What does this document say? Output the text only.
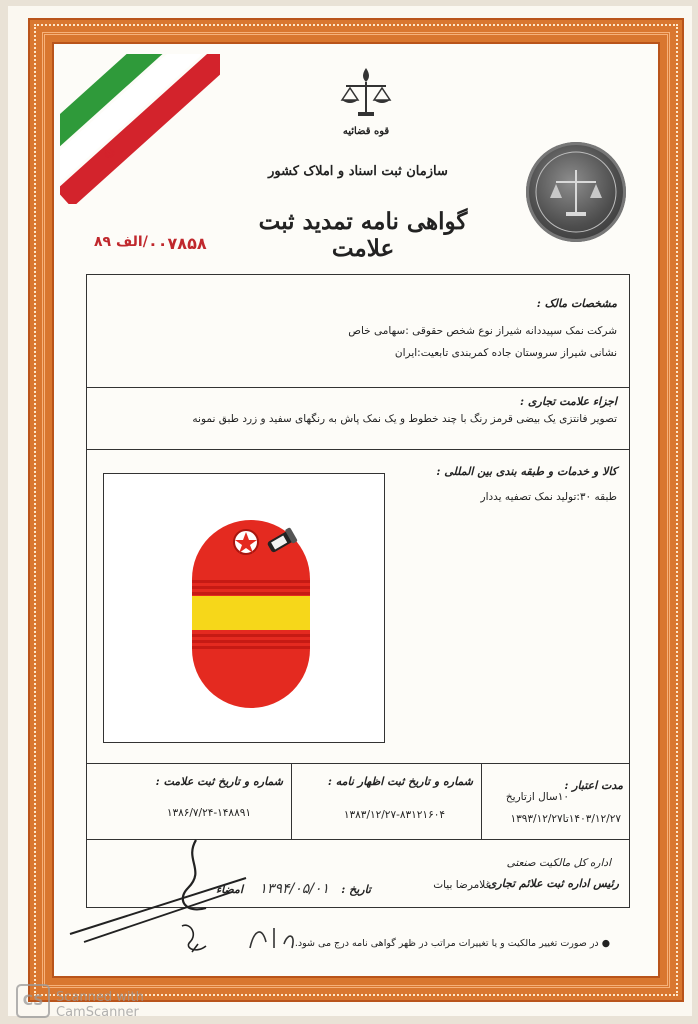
☫
قوه قضائیه
سازمان ثبت اسناد و املاک کشور
گواهی نامه تمدید ثبت علامت
۰۰۷۸۵۸
الف ۸۹/
مشخصات مالک :
شرکت نمک سپیددانه شیراز نوع شخص حقوقی :سهامی خاص
نشانی شیراز سروستان جاده کمربندی تابعیت:ایران
اجزاء علامت تجاری :
تصویر فانتزی یک بیضی قرمز رنگ با چند خطوط و یک نمک پاش به رنگهای سفید و زرد طبق نمونه
کالا و خدمات و طبقه بندی بین المللی :
طبقه ۳۰:تولید نمک تصفیه یددار
مدت اعتبار :
۱۰سال ازتاریخ
۱۴۰۳/۱۲/۲۷تا۱۳۹۳/۱۲/۲۷
شماره و تاریخ ثبت اظهار نامه :
۱۳۸۳/۱۲/۲۷-۸۳۱۲۱۶۰۴
شماره و تاریخ ثبت علامت :
۱۳۸۶/۷/۲۴-۱۴۸۸۹۱
اداره کل مالکیت صنعتی
رئیس اداره ثبت علائم تجاری
غلامرضا بیات
تاریخ :
۱۳۹۴/۰۵/۰۱
امضاء
● در صورت تغییر مالکیت و یا تغییرات مراتب در ظهر گواهی نامه درج می شود.
CS Scanned with CamScanner
